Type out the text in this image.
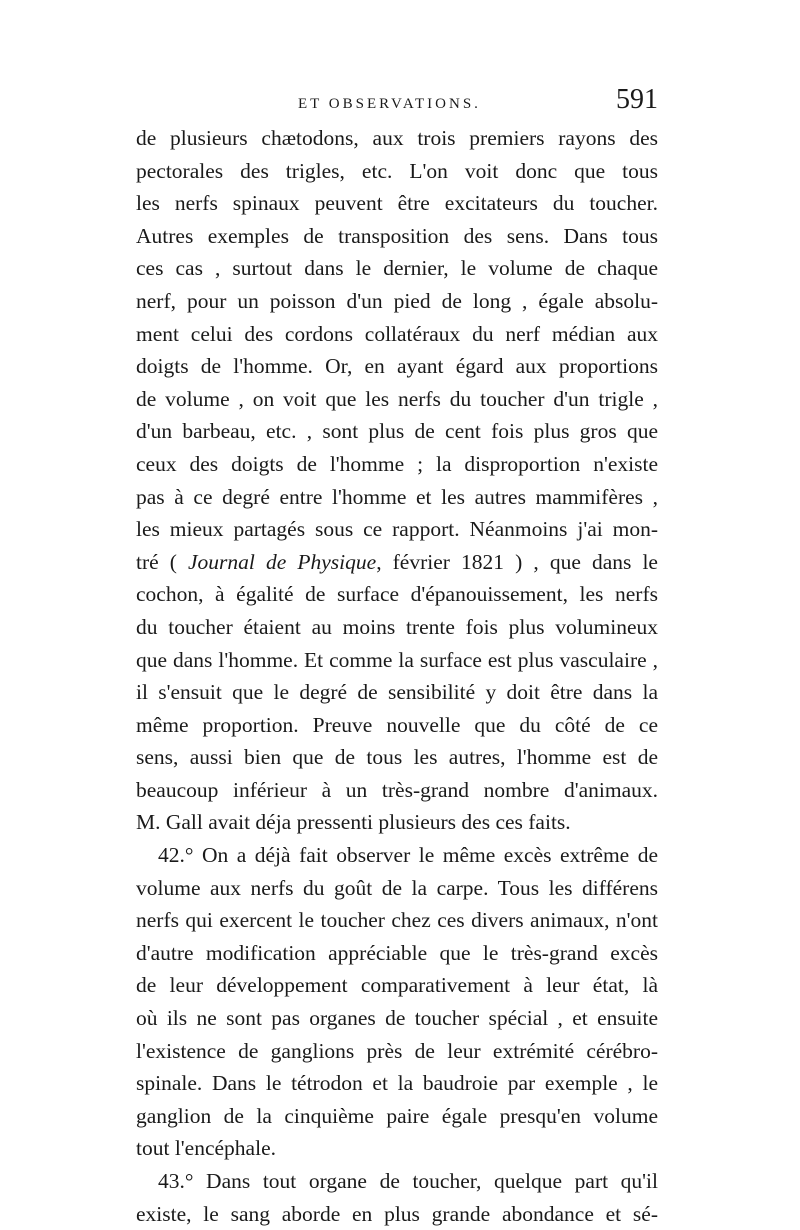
ET OBSERVATIONS.	591
de plusieurs chætodons, aux trois premiers rayons des
pectorales des trigles, etc. L'on voit donc que tous
les nerfs spinaux peuvent être excitateurs du toucher.
Autres exemples de transposition des sens. Dans tous
ces cas , surtout dans le dernier, le volume de chaque
nerf, pour un poisson d'un pied de long , égale absolu-
ment celui des cordons collatéraux du nerf médian aux
doigts de l'homme. Or, en ayant égard aux proportions
de volume , on voit que les nerfs du toucher d'un trigle ,
d'un barbeau, etc. , sont plus de cent fois plus gros que
ceux des doigts de l'homme ; la disproportion n'existe
pas à ce degré entre l'homme et les autres mammifères ,
les mieux partagés sous ce rapport. Néanmoins j'ai mon-
tré ( Journal de Physique, février 1821 ) , que dans le
cochon, à égalité de surface d'épanouissement, les nerfs
du toucher étaient au moins trente fois plus volumineux
que dans l'homme. Et comme la surface est plus vasculaire ,
il s'ensuit que le degré de sensibilité y doit être dans la
même proportion. Preuve nouvelle que du côté de ce
sens, aussi bien que de tous les autres, l'homme est de
beaucoup inférieur à un très-grand nombre d'animaux.
M. Gall avait déja pressenti plusieurs des ces faits.
42.° On a déjà fait observer le même excès extrême de
volume aux nerfs du goût de la carpe. Tous les différens
nerfs qui exercent le toucher chez ces divers animaux, n'ont
d'autre modification appréciable que le très-grand excès
de leur développement comparativement à leur état, là
où ils ne sont pas organes de toucher spécial , et ensuite
l'existence de ganglions près de leur extrémité cérébro-
spinale. Dans le tétrodon et la baudroie par exemple , le
ganglion de la cinquième paire égale presqu'en volume
tout l'encéphale.
43.° Dans tout organe de toucher, quelque part qu'il
existe, le sang aborde en plus grande abondance et sé-
